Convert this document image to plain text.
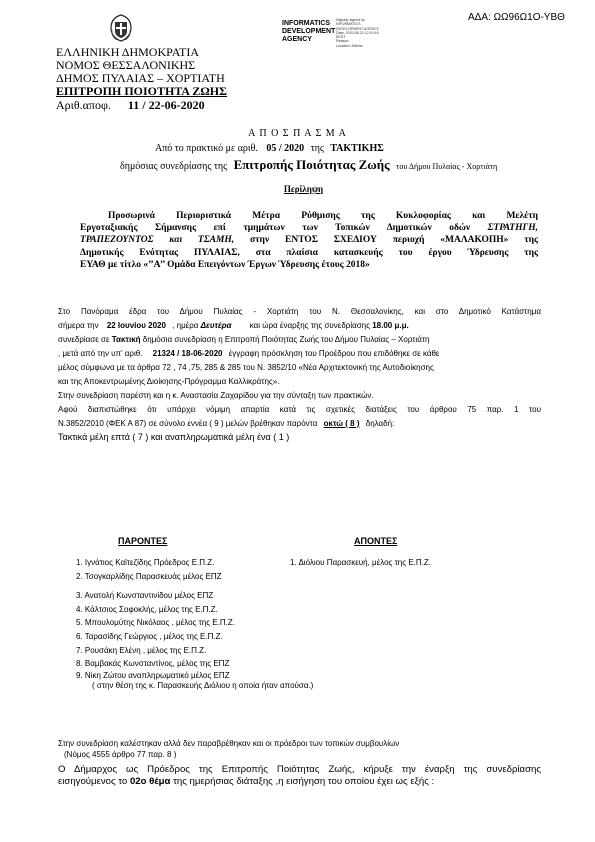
ΑΔΑ: ΩΩ96Ω1Ο-ΥΒΘ
INFORMATICS
DEVELOPMENT
AGENCY
Digitally signed by
INFORMATICS
DEVELOPMENT AGENCY
Date: 2020.06.23 12:10:16
EEST
Reason:
Location: Athens
ΕΛΛΗΝΙΚΗ ΔΗΜΟΚΡΑΤΙΑ
ΝΟΜΟΣ ΘΕΣΣΑΛΟΝΙΚΗΣ
ΔΗΜΟΣ ΠΥΛΑΙΑΣ – ΧΟΡΤΙΑΤΗ
ΕΠΙΤΡΟΠΗ ΠΟΙΟΤΗΤΑ ΖΩΗΣ
Αριθ.αποφ. 11 / 22-06-2020
Α Π Ο Σ Π Α Σ Μ Α
Από το πρακτικό με αριθ. 05 / 2020 της ΤΑΚΤΙΚΗΣ
δημόσιας συνεδρίασης της Επιτροπής Ποιότητας Ζωής του Δήμου Πυλαίας - Χορτιάτη
Περίληψη
Προσωρινά Περιοριστικά Μέτρα Ρύθμισης της Κυκλοφορίας και Μελέτη
Εργοταξιακής Σήμανσης επί τμημάτων των Τοπικών Δημοτικών οδών ΣΤΡΑΤΗΓΗ,
ΤΡΑΠΕΖΟΥΝΤΟΣ και ΤΣΑΜΗ, στην ΕΝΤΟΣ ΣΧΕΔΙΟΥ περιοχή «ΜΑΛΑΚΟΠΗ» της
Δημοτικής Ενότητας ΠΥΛΑΙΑΣ, στα πλαίσια κατασκευής του έργου Ύδρευσης της
ΕΥΑΘ με τίτλο «’’Α’’ Ομάδα Επειγόντων Έργων Ύδρευσης έτους 2018»
Στο Πανόραμα έδρα του Δήμου Πυλαίας - Χορτιάτη του Ν. Θεσσαλονίκης, και στο Δημοτικό Κατάστημα
σήμερα την 22 Ιουνίου 2020 , ημέρα Δευτέρα και ώρα έναρξης της συνεδρίασης 18.00 μ.μ.
συνεδρίασε σε Τακτική δημόσια συνεδρίαση η Επιτροπή Ποιότητας Ζωής του Δήμου Πυλαίας – Χορτιάτη
, μετά από την υπ’ αριθ. 21324 / 18-06-2020 έγγραφη πρόσκληση του Προέδρου που επιδόθηκε σε κάθε
μέλος σύμφωνα με τα άρθρα 72 , 74 ,75, 285 & 285 του Ν. 3852/10 «Νέα Αρχιτεκτονική της Αυτοδιοίκησης
και της Αποκεντρωμένης Διοίκησης-Πρόγραμμα Καλλικράτης».
Στην συνεδρίαση παρέστη και η κ. Αναστασία Ζαχαρίδου για την σύνταξη των πρακτικών.
Αφού διαπιστώθηκε ότι υπάρχει νόμιμη απαρτία κατά τις σχετικές διατάξεις του άρθρου 75 παρ. 1 του
Ν.3852/2010 (ΦΕΚ Α 87) σε σύνολο εννέα ( 9 ) μελών βρέθηκαν παρόντα οκτώ ( 8 ) δηλαδή:
Τακτικά μέλη επτά ( 7 ) και αναπληρωματικά μέλη ένα ( 1 )
ΠΑΡΟΝΤΕΣ	ΑΠΟΝΤΕΣ
1. Ιγνάτιος Καϊτεζίδης Πρόεδρος Ε.Π.Ζ.
2. Τσογκαρλίδης Παρασκευάς μέλος ΕΠΖ
3. Ανατολή Κωνσταντινίδου μέλος ΕΠΖ
4. Κάλτσιος Σοφοκλής, μέλος της Ε.Π.Ζ.
5. Μπουλομύτης Νικόλαος , μέλος της Ε.Π.Ζ.
6. Ταρασίδης Γεώργιος , μέλος της Ε.Π.Ζ.
7. Ρουσάκη Ελένη , μέλος της Ε.Π.Ζ.
8. Βαμβακάς Κωνσταντίνος, μέλος της ΕΠΖ
9. Νίκη Ζώτου αναπληρωματικό μέλος ΕΠΖ
( στην θέση της κ. Παρασκευής Διόλιου η οποία ήταν απούσα.)
1. Διόλιου Παρασκευή, μέλος της Ε.Π.Ζ.
Στην συνεδρίαση καλέστηκαν αλλά δεν παραβρέθηκαν και οι πρόεδροι των τοπικών συμβουλίων
(Νόμος 4555 άρθρο 77 παρ. 8 )
Ο Δήμαρχος ως Πρόεδρος της Επιτροπής Ποιότητας Ζωής, κήρυξε την έναρξη της συνεδρίασης
εισηγούμενος το 02ο θέμα της ημερήσιας διάταξης ,η εισήγηση του οποίου έχει ως εξής :
